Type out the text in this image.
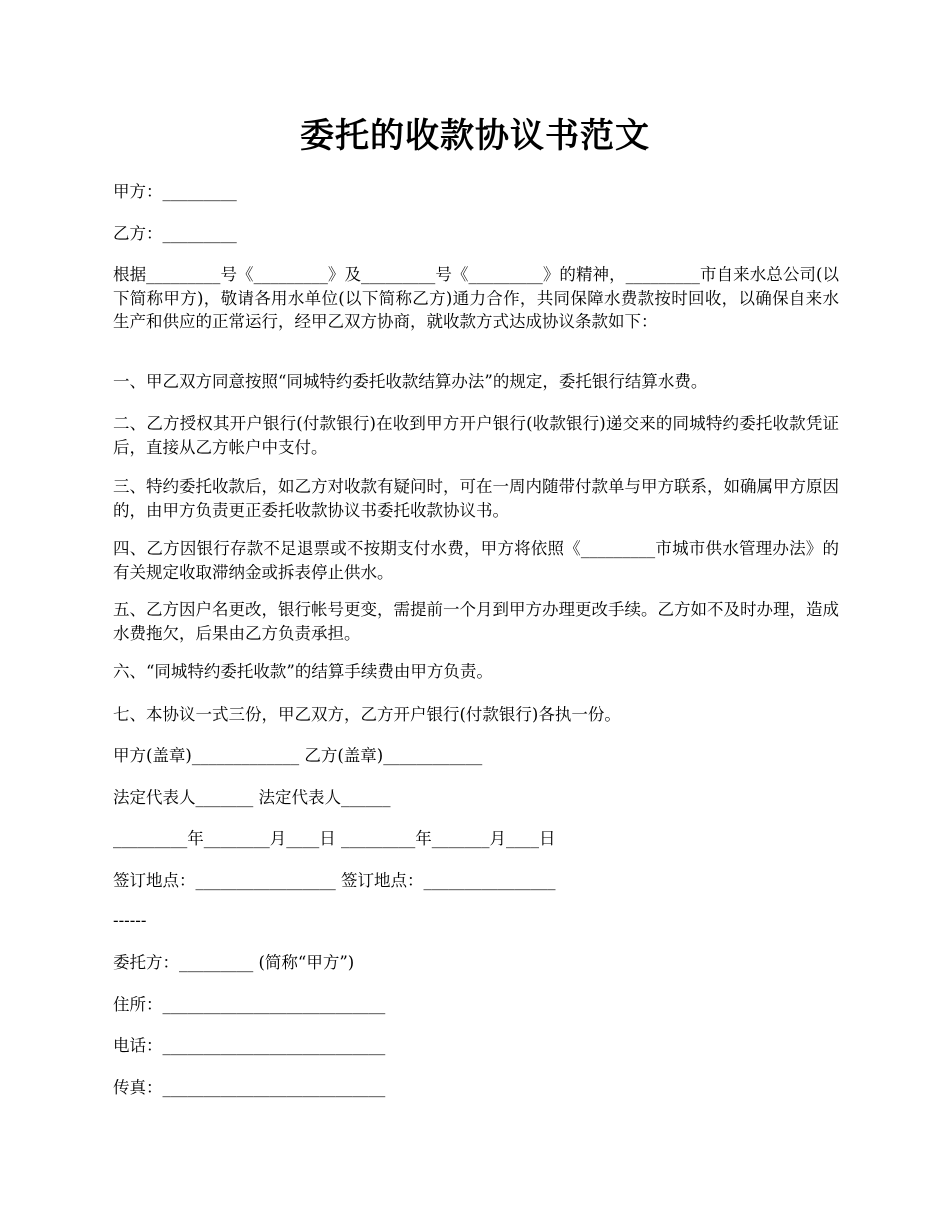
委托的收款协议书范文
甲方：_________
乙方：_________
根据_________号《_________》及_________号《_________》的精神，_________市自来水总公司(以下简称甲方)，敬请各用水单位(以下简称乙方)通力合作，共同保障水费款按时回收，以确保自来水生产和供应的正常运行，经甲乙双方协商，就收款方式达成协议条款如下：
一、甲乙双方同意按照“同城特约委托收款结算办法”的规定，委托银行结算水费。
二、乙方授权其开户银行(付款银行)在收到甲方开户银行(收款银行)递交来的同城特约委托收款凭证后，直接从乙方帐户中支付。
三、特约委托收款后，如乙方对收款有疑问时，可在一周内随带付款单与甲方联系，如确属甲方原因的，由甲方负责更正委托收款协议书委托收款协议书。
四、乙方因银行存款不足退票或不按期支付水费，甲方将依照《_________市城市供水管理办法》的有关规定收取滞纳金或拆表停止供水。
五、乙方因户名更改，银行帐号更变，需提前一个月到甲方办理更改手续。乙方如不及时办理，造成水费拖欠，后果由乙方负责承担。
六、“同城特约委托收款”的结算手续费由甲方负责。
七、本协议一式三份，甲乙双方，乙方开户银行(付款银行)各执一份。
甲方(盖章)_____________ 乙方(盖章)____________
法定代表人_______ 法定代表人______
_________年________月____日 _________年_______月____日
签订地点：_________________ 签订地点：________________
------
委托方：_________ (简称“甲方”)
住所：___________________________
电话：___________________________
传真：___________________________
